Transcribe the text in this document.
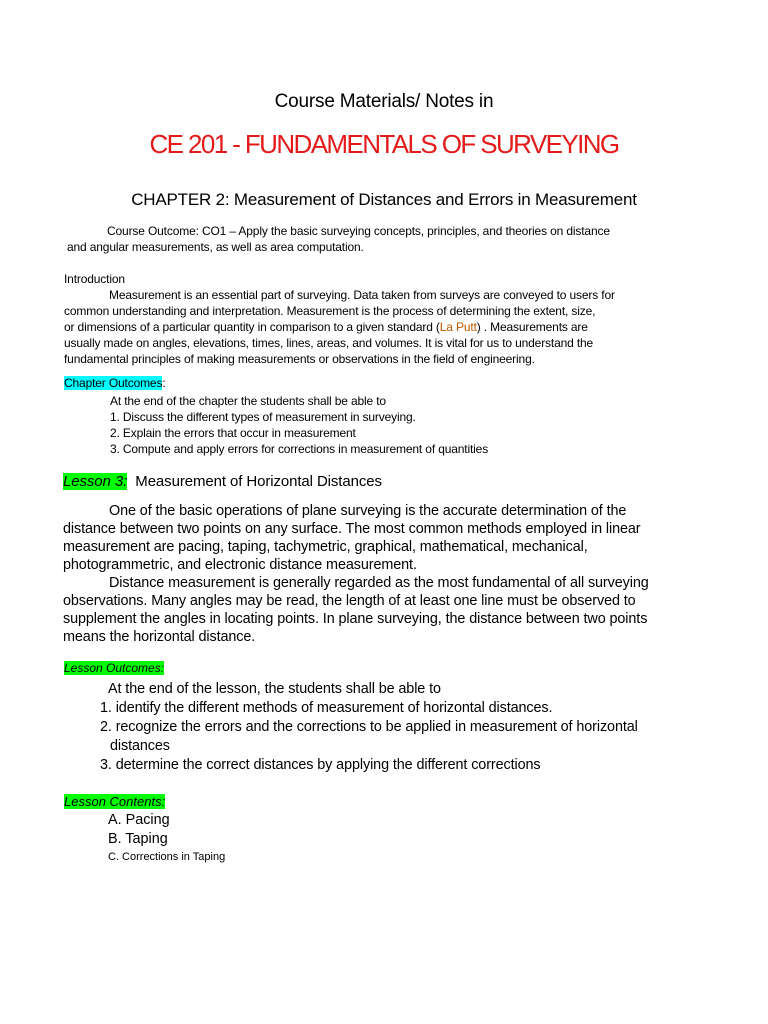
Course Materials/ Notes in
CE 201 - FUNDAMENTALS OF SURVEYING
CHAPTER 2: Measurement of Distances and Errors in Measurement
Course Outcome: CO1 – Apply the basic surveying concepts, principles, and theories on distance
and angular measurements, as well as area computation.
Introduction
Measurement is an essential part of surveying. Data taken from surveys are conveyed to users for
common understanding and interpretation. Measurement is the process of determining the extent, size,
or dimensions of a particular quantity in comparison to a given standard (La Putt) . Measurements are
usually made on angles, elevations, times, lines, areas, and volumes. It is vital for us to understand the
fundamental principles of making measurements or observations in the field of engineering.
Chapter Outcomes:
At the end of the chapter the students shall be able to
1. Discuss the different types of measurement in surveying.
2. Explain the errors that occur in measurement
3. Compute and apply errors for corrections in measurement of quantities
Lesson 3: Measurement of Horizontal Distances
One of the basic operations of plane surveying is the accurate determination of the
distance between two points on any surface. The most common methods employed in linear
measurement are pacing, taping, tachymetric, graphical, mathematical, mechanical,
photogrammetric, and electronic distance measurement.
Distance measurement is generally regarded as the most fundamental of all surveying
observations. Many angles may be read, the length of at least one line must be observed to
supplement the angles in locating points. In plane surveying, the distance between two points
means the horizontal distance.
Lesson Outcomes:
At the end of the lesson, the students shall be able to
1. identify the different methods of measurement of horizontal distances.
2. recognize the errors and the corrections to be applied in measurement of horizontal
distances
3. determine the correct distances by applying the different corrections
Lesson Contents:
A. Pacing
B. Taping
C. Corrections in Taping
